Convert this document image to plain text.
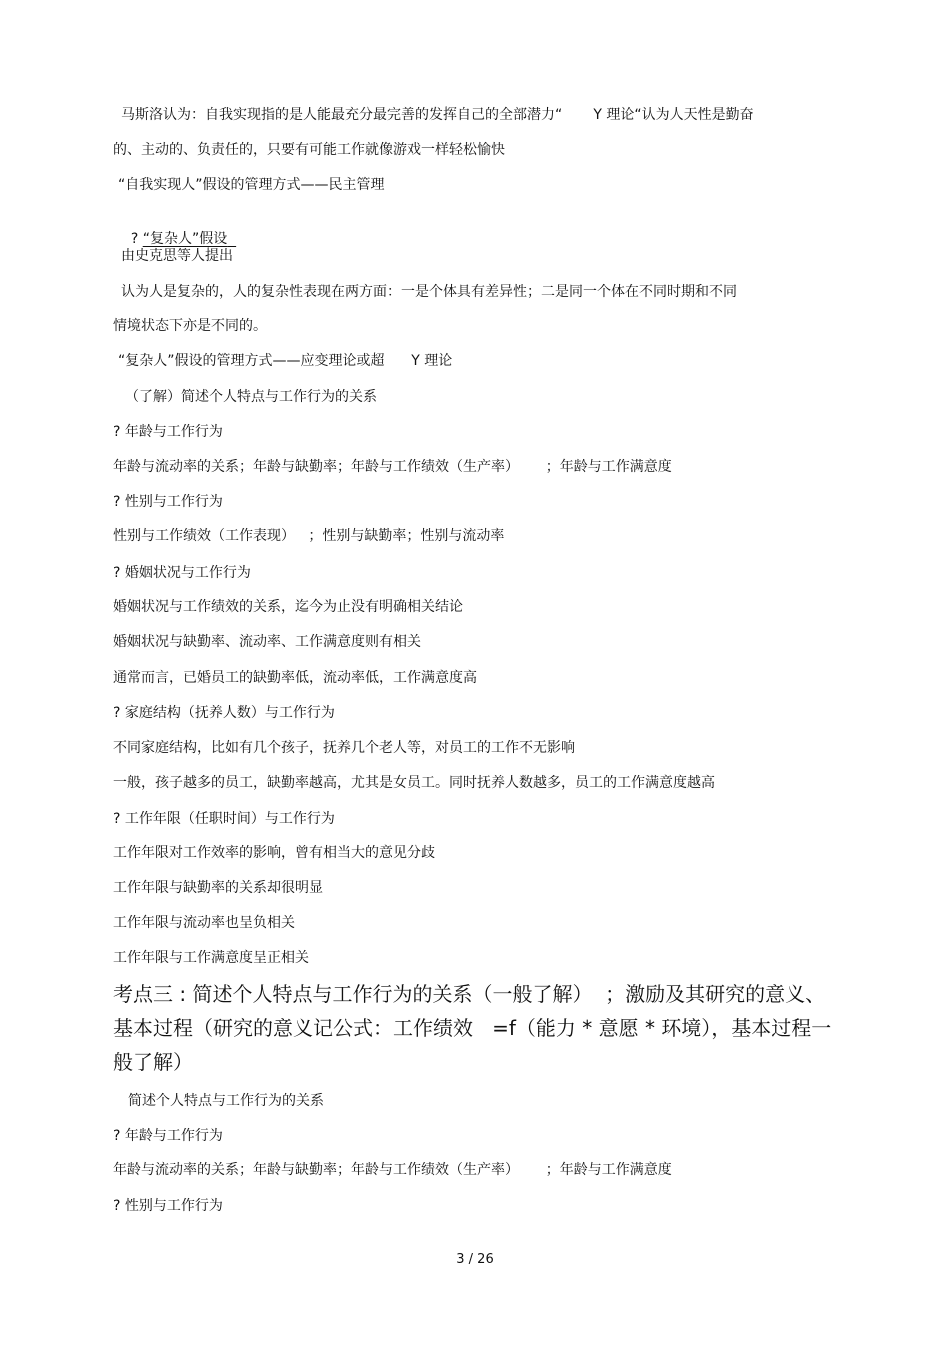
马斯洛认为：自我实现指的是人能最充分最完善的发挥自己的全部潜力“       Y 理论“认为人天性是勤奋
的、主动的、负责任的，只要有可能工作就像游戏一样轻松愉快
“自我实现人”假设的管理方式——民主管理

? “复杂人”假设

由史克思等人提出
认为人是复杂的，人的复杂性表现在两方面：一是个体具有差异性；二是同一个体在不同时期和不同
情境状态下亦是不同的。
“复杂人”假设的管理方式——应变理论或超      Y 理论
（了解）简述个人特点与工作行为的关系
? 年龄与工作行为
年龄与流动率的关系；年龄与缺勤率；年龄与工作绩效（生产率）      ；年龄与工作满意度
? 性别与工作行为
性别与工作绩效（工作表现）   ；性别与缺勤率；性别与流动率
? 婚姻状况与工作行为
婚姻状况与工作绩效的关系，迄今为止没有明确相关结论
婚姻状况与缺勤率、流动率、工作满意度则有相关
通常而言，已婚员工的缺勤率低，流动率低，工作满意度高
? 家庭结构（抚养人数）与工作行为
不同家庭结构，比如有几个孩子，抚养几个老人等，对员工的工作不无影响
一般，孩子越多的员工，缺勤率越高，尤其是女员工。同时抚养人数越多，员工的工作满意度越高
? 工作年限（任职时间）与工作行为
工作年限对工作效率的影响，曾有相当大的意见分歧
工作年限与缺勤率的关系却很明显
工作年限与流动率也呈负相关
工作年限与工作满意度呈正相关
考点三 : 简述个人特点与工作行为的关系（一般了解）  ；激励及其研究的意义、
基本过程（研究的意义记公式：工作绩效   =f（能力 * 意愿 * 环境），基本过程一
般了解）
简述个人特点与工作行为的关系
? 年龄与工作行为
年龄与流动率的关系；年龄与缺勤率；年龄与工作绩效（生产率）      ；年龄与工作满意度
? 性别与工作行为
3 / 26
